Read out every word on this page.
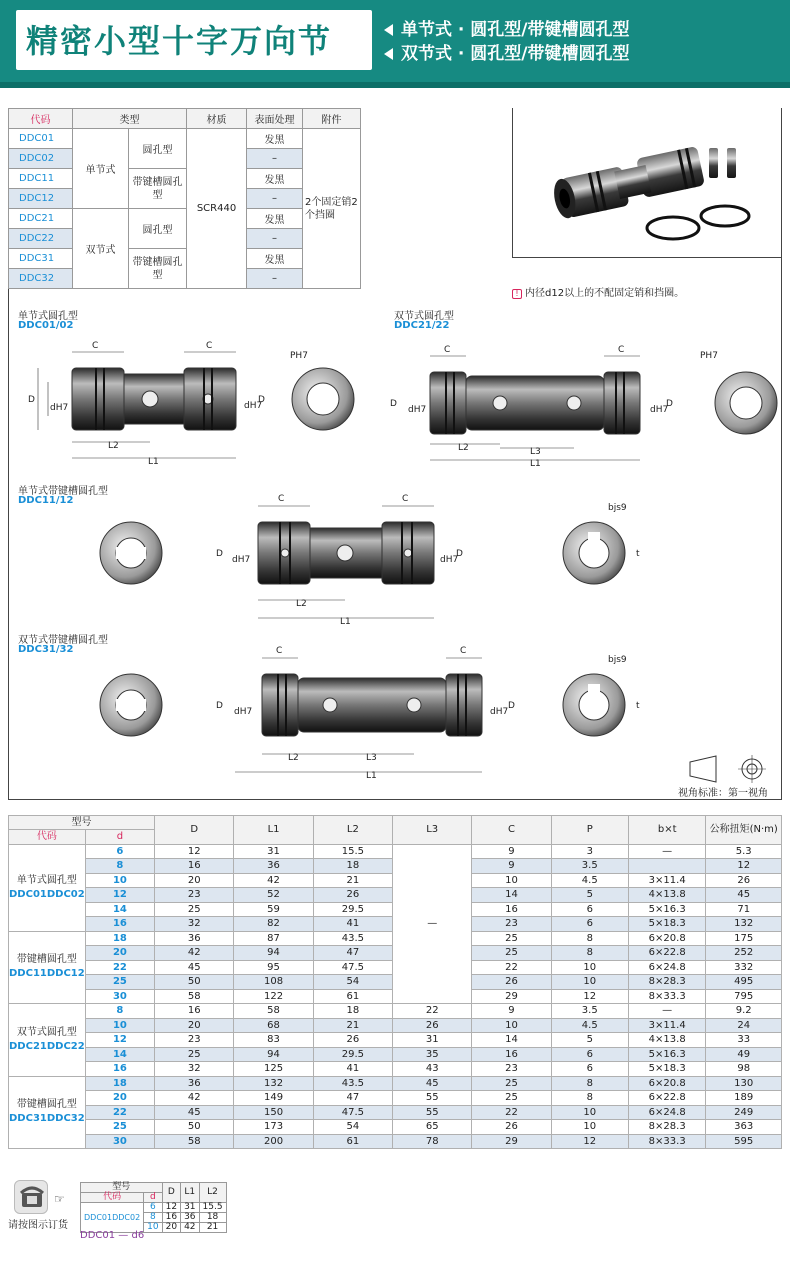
精密小型十字万向节	单节式 · 圆孔型/带键槽圆孔型
双节式 · 圆孔型/带键槽圆孔型
代码	类型		材质	表面处理	附件
DDC01	单节式	圆孔型	SCR440	发黑	2个固定销2个挡圈
DDC02				–	
DDC11		带键槽圆孔型		发黑	
DDC12				–	
DDC21	双节式	圆孔型		发黑	
DDC22				–	
DDC31		带键槽圆孔型		发黑	
DDC32				–	
! 内径d12以上的不配固定销和挡圈。
单节式圆孔型
DDC01/02
双节式圆孔型
DDC21/22
单节式带键槽圆孔型
DDC11/12
双节式带键槽圆孔型
DDC31/32
C	C
L2
L1
D
dH7	dH7
D
PH7
C	C
L2	L3
L1
D
dH7	dH7
D
PH7
C	C
L2
L1
D
dH7	dH7
D
bjs9
t
C	C
L2	L3
L1
D
dH7	dH7
D
bjs9
t
视角标准：第一视角
型号		D	L1	L2	L3	C	P	b×t	公称扭矩(N·m)
代码	d								

单节式圆孔型
DDC01DDC02	6	12	31	15.5	—	9	3	—	5.3
	8	16	36	18		9	3.5		12
	10	20	42	21		10	4.5	3×11.4	26
	12	23	52	26		14	5	4×13.8	45
	14	25	59	29.5		16	6	5×16.3	71
	16	32	82	41		23	6	5×18.3	132

带键槽圆孔型
DDC11DDC12	18	36	87	43.5		25	8	6×20.8	175
	20	42	94	47		25	8	6×22.8	252
	22	45	95	47.5		22	10	6×24.8	332
	25	50	108	54		26	10	8×28.3	495
	30	58	122	61		29	12	8×33.3	795

双节式圆孔型
DDC21DDC22	8	16	58	18	22	9	3.5	—	9.2
	10	20	68	21	26	10	4.5	3×11.4	24
	12	23	83	26	31	14	5	4×13.8	33
	14	25	94	29.5	35	16	6	5×16.3	49
	16	32	125	41	43	23	6	5×18.3	98

带键槽圆孔型
DDC31DDC32	18	36	132	43.5	45	25	8	6×20.8	130
	20	42	149	47	55	25	8	6×22.8	189
	22	45	150	47.5	55	22	10	6×24.8	249
	25	50	173	54	65	26	10	8×28.3	363
	30	58	200	61	78	29	12	8×33.3	595
请按图示订货
☞
型号		D	L1	L2
代码	d			
DDC01DDC02	6	12	31	15.5
	8	16	36	18
	10	20	42	21
DDC01 — d6
